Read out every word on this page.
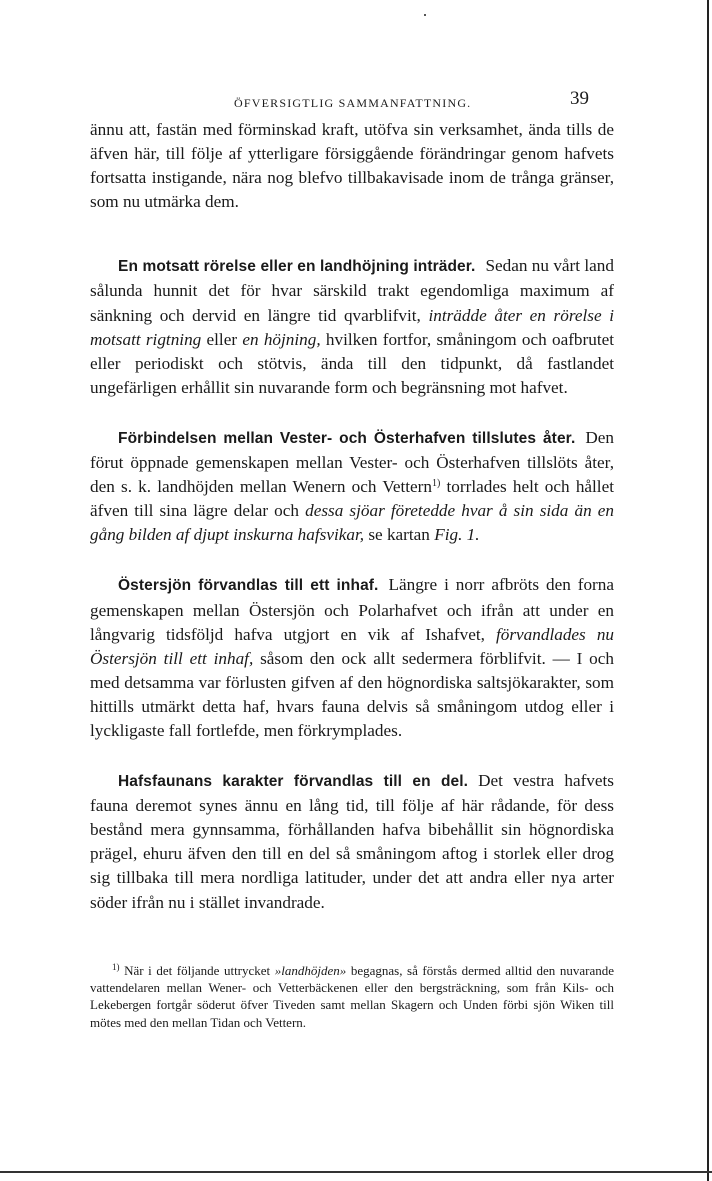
ÖFVERSIGTLIG SAMMANFATTNING.	39

ännu att, fastän med förminskad kraft, utöfva sin verksamhet, ända tills de äfven här, till följe af ytterligare försiggående förändringar genom hafvets fortsatta instigande, nära nog blefvo tillbakavisade inom de trånga gränser, som nu utmärka dem.

En motsatt rörelse eller en landhöjning inträder. Sedan nu vårt land sålunda hunnit det för hvar särskild trakt egendomliga maximum af sänkning och dervid en längre tid qvarblifvit, inträdde åter en rörelse i motsatt rigtning eller en höjning, hvilken fortfor, småningom och oafbrutet eller periodiskt och stötvis, ända till den tidpunkt, då fastlandet ungefärligen erhållit sin nuvarande form och begränsning mot hafvet.

Förbindelsen mellan Vester- och Österhafven tillslutes åter. Den förut öppnade gemenskapen mellan Vester- och Österhafven tillslöts åter, den s. k. landhöjden mellan Wenern och Vettern$^{1)}$ torrlades helt och hållet äfven till sina lägre delar och dessa sjöar företedde hvar å sin sida än en gång bilden af djupt inskurna hafsvikar, se kartan Fig. 1.

Östersjön förvandlas till ett inhaf. Längre i norr afbröts den forna gemenskapen mellan Östersjön och Polarhafvet och ifrån att under en långvarig tidsföljd hafva utgjort en vik af Ishafvet, förvandlades nu Östersjön till ett inhaf, såsom den ock allt sedermera förblifvit. — I och med detsamma var förlusten gifven af den högnordiska saltsjökarakter, som hittills utmärkt detta haf, hvars fauna delvis så småningom utdog eller i lyckligaste fall fortlefde, men förkrymplades.

Hafsfaunans karakter förvandlas till en del. Det vestra hafvets fauna deremot synes ännu en lång tid, till följe af här rådande, för dess bestånd mera gynnsamma, förhållanden hafva bibehållit sin högnordiska prägel, ehuru äfven den till en del så småningom aftog i storlek eller drog sig tillbaka till mera nordliga latituder, under det att andra eller nya arter söder ifrån nu i stället invandrade.

$^{1)}$ När i det följande uttrycket »landhöjden» begagnas, så förstås dermed alltid den nuvarande vattendelaren mellan Wener- och Vetterbäckenen eller den bergsträckning, som från Kils- och Lekebergen fortgår söderut öfver Tiveden samt mellan Skagern och Unden förbi sjön Wiken till mötes med den mellan Tidan och Vettern.
